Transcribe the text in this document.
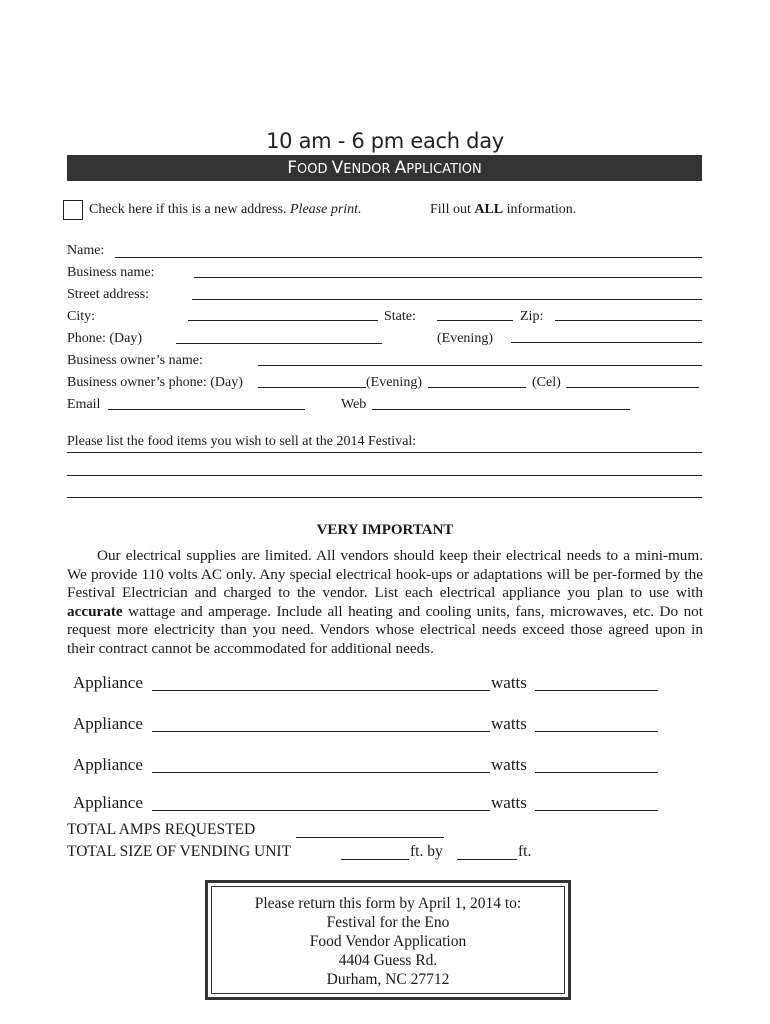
10 am - 6 pm each day
FOOD VENDOR APPLICATION
Check here if this is a new address. Please print.	Fill out ALL information.
Name:
Business name:
Street address:
City:	State:	Zip:
Phone: (Day)	(Evening)
Business owner’s name:
Business owner’s phone: (Day)	(Evening)	(Cel)
Email	Web
Please list the food items you wish to sell at the 2014 Festival:
VERY IMPORTANT

Our electrical supplies are limited. All vendors should keep their electrical needs to a mini-mum. We provide 110 volts AC only. Any special electrical hook-ups or adaptations will be per-formed by the Festival Electrician and charged to the vendor. List each electrical appliance you plan to use with accurate wattage and amperage. Include all heating and cooling units, fans, microwaves, etc. Do not request more electricity than you need. Vendors whose electrical needs exceed those agreed upon in their contract cannot be accommodated for additional needs.

Appliance	watts
Appliance	watts
Appliance	watts
Appliance	watts
TOTAL AMPS REQUESTED
TOTAL SIZE OF VENDING UNIT	ft. by	ft.
Please return this form by April 1, 2014 to:
Festival for the Eno
Food Vendor Application
4404 Guess Rd.
Durham, NC 27712
